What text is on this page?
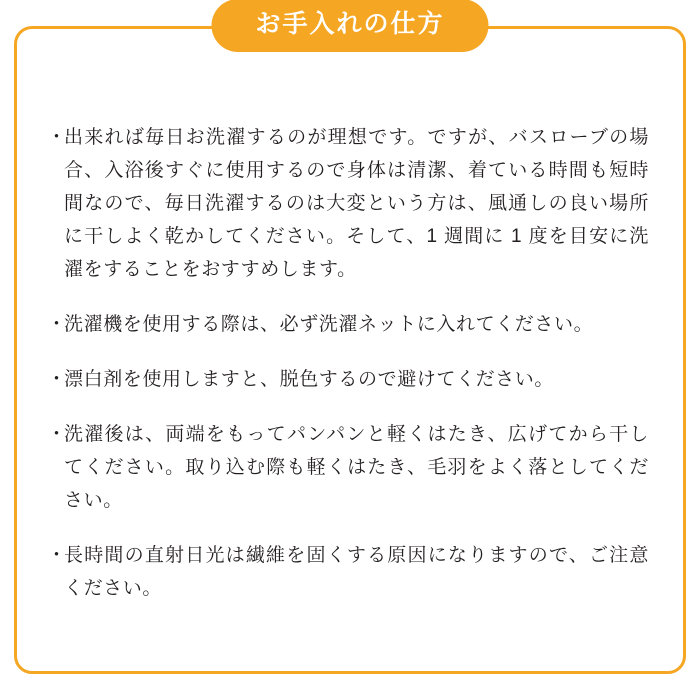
お手入れの仕方
・
出来れば毎日お洗濯するのが理想です。ですが、バスローブの場合、入浴後すぐに使用するので身体は清潔、着ている時間も短時間なので、毎日洗濯するのは大変という方は、風通しの良い場所に干しよく乾かしてください。そして、1 週間に 1 度を目安に洗濯をすることをおすすめします。
・
洗濯機を使用する際は、必ず洗濯ネットに入れてください。
・
漂白剤を使用しますと、脱色するので避けてください。
・
洗濯後は、両端をもってパンパンと軽くはたき、広げてから干してください。取り込む際も軽くはたき、毛羽をよく落としてください。
・
長時間の直射日光は繊維を固くする原因になりますので、ご注意ください。
